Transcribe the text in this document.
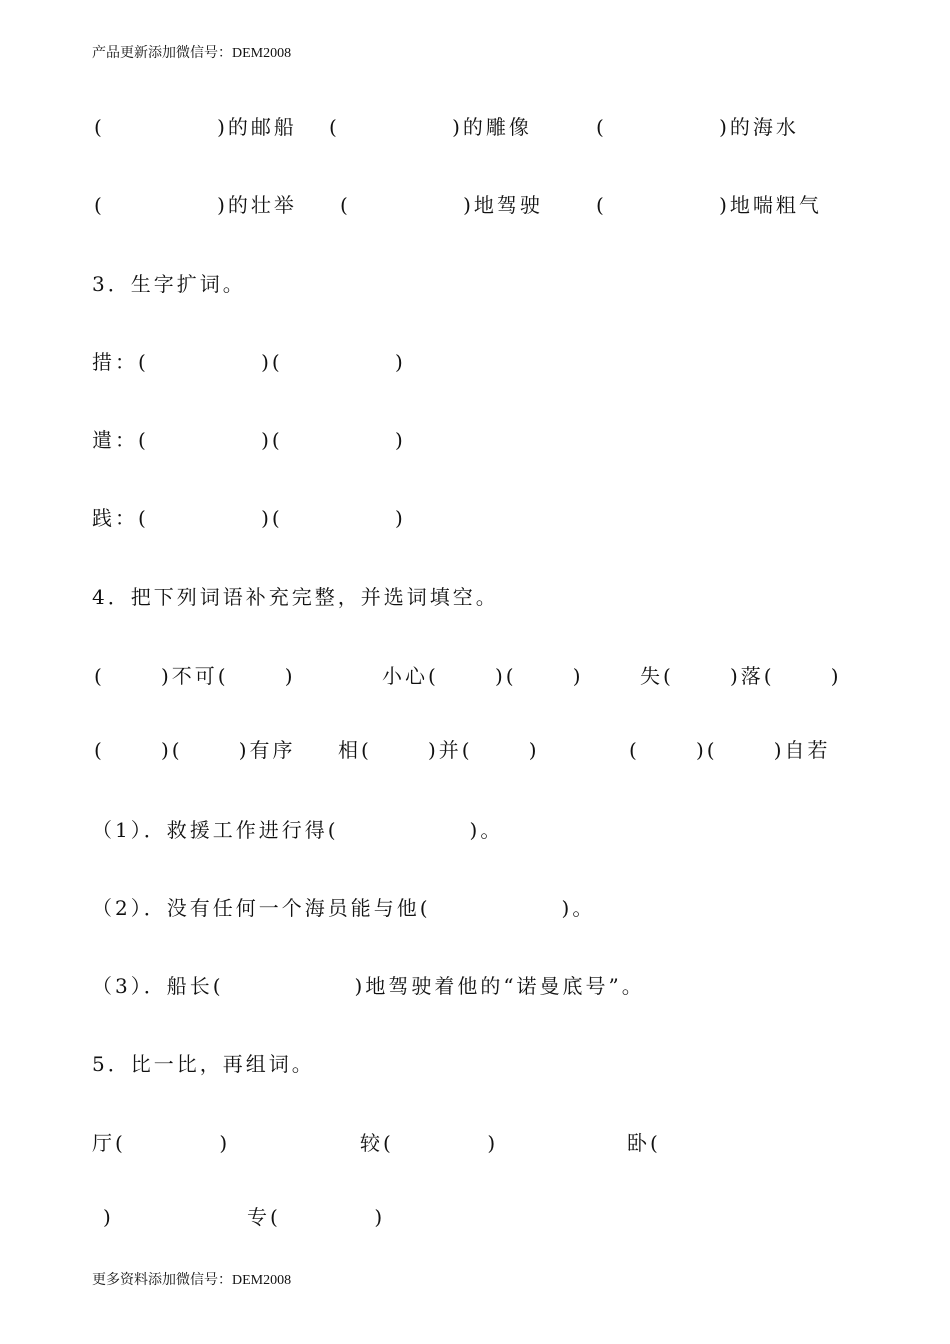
产品更新添加微信号：DEM2008
(            )的邮船 (            )的雕像	(            )的海水
(            )的壮举 (            )地驾驶	(            )地喘粗气
3．生字扩词。
措：(            )(            )
遣：(            )(            )
践：(            )(            )
4．把下列词语补充完整，并选词填空。
(      )不可(      )	小心(      )(      )	失(      )落(      )
(      )(      )有序 相(      )并(      )	(      )(      )自若
（1）．救援工作进行得(              )。
（2）．没有任何一个海员能与他(              )。
（3）．船长(              )地驾驶着他的“诺曼底号”。
5．比一比，再组词。
厅(          )	较(          )	卧(
)	专(          )
更多资料添加微信号：DEM2008
